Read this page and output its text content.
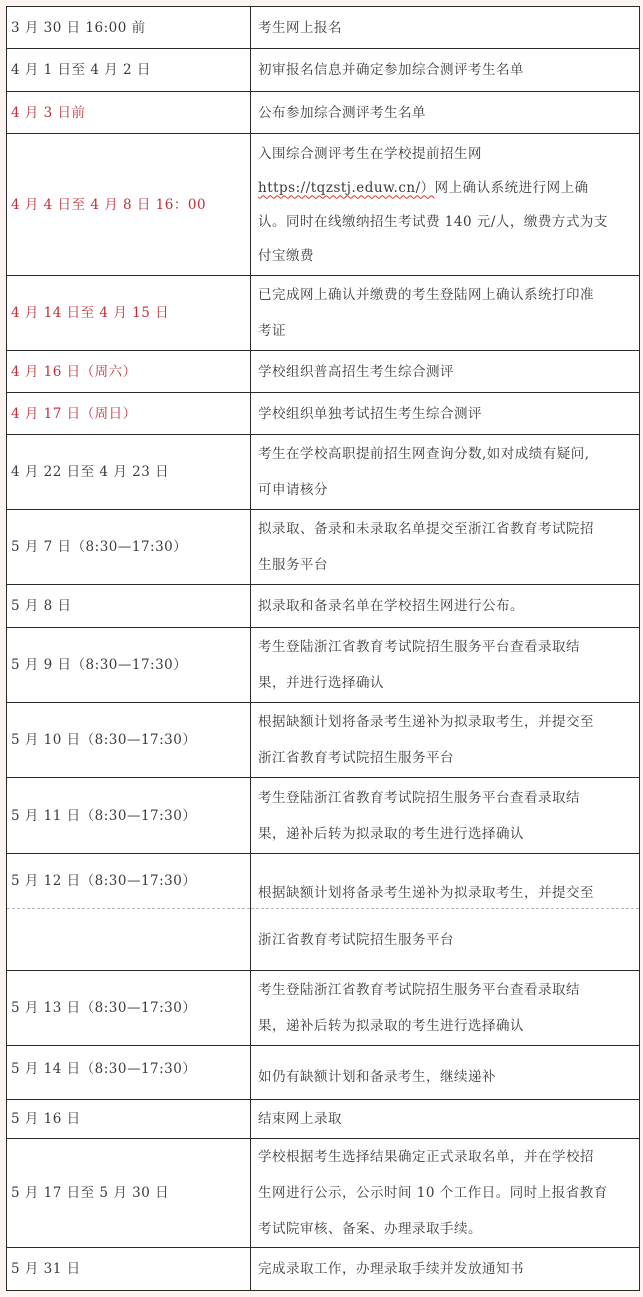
3 月 30 日 16:00 前	考生网上报名

4 月 1 日至 4 月 2 日	初审报名信息并确定参加综合测评考生名单

4 月 3 日前	公布参加综合测评考生名单

4 月 4 日至 4 月 8 日 16：00	入围综合测评考生在学校提前招生网
https://tqzstj.eduw.cn/）网上确认系统进行网上确
认。同时在线缴纳招生考试费 140 元/人，缴费方式为支
付宝缴费

4 月 14 日至 4 月 15 日	已完成网上确认并缴费的考生登陆网上确认系统打印准
考证

4 月 16 日（周六）	学校组织普高招生考生综合测评

4 月 17 日（周日）	学校组织单独考试招生考生综合测评

4 月 22 日至 4 月 23 日	考生在学校高职提前招生网查询分数,如对成绩有疑问,
可申请核分

5 月 7 日（8:30—17:30）	拟录取、备录和未录取名单提交至浙江省教育考试院招
生服务平台

5 月 8 日	拟录取和备录名单在学校招生网进行公布。

5 月 9 日（8:30—17:30）	考生登陆浙江省教育考试院招生服务平台查看录取结
果，并进行选择确认

5 月 10 日（8:30—17:30）	根据缺额计划将备录考生递补为拟录取考生，并提交至
浙江省教育考试院招生服务平台

5 月 11 日（8:30—17:30）	考生登陆浙江省教育考试院招生服务平台查看录取结
果，递补后转为拟录取的考生进行选择确认

5 月 12 日（8:30—17:30）	根据缺额计划将备录考生递补为拟录取考生，并提交至
浙江省教育考试院招生服务平台

5 月 13 日（8:30—17:30）	考生登陆浙江省教育考试院招生服务平台查看录取结
果，递补后转为拟录取的考生进行选择确认

5 月 14 日（8:30—17:30）	如仍有缺额计划和备录考生，继续递补

5 月 16 日	结束网上录取

5 月 17 日至 5 月 30 日	学校根据考生选择结果确定正式录取名单，并在学校招
生网进行公示，公示时间 10 个工作日。同时上报省教育
考试院审核、备案、办理录取手续。

5 月 31 日	完成录取工作，办理录取手续并发放通知书
